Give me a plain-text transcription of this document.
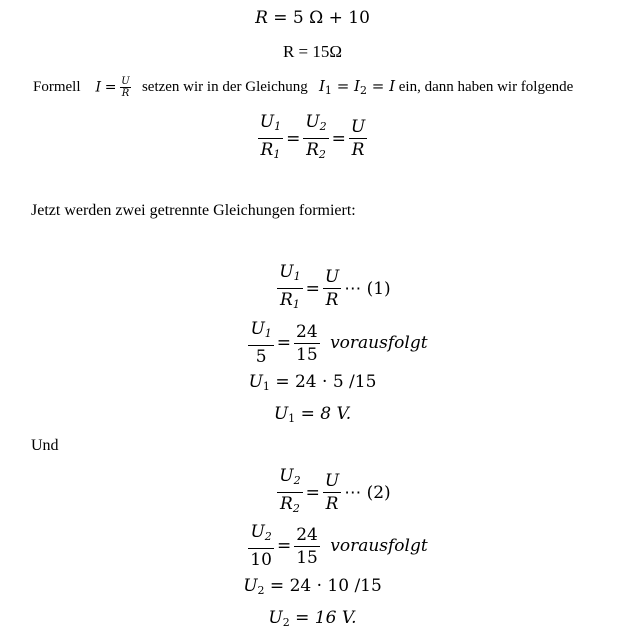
R = 5 Ω + 10
R = 15Ω
Formell $I = \frac{U}{R}$ setzen wir in der Gleichung $I_1 = I_2 = I$ ein, dann haben wir folgende
$\frac{U_1}{R_1} = \frac{U_2}{R_2} = \frac{U}{R}$
Jetzt werden zwei getrennte Gleichungen formiert:
$\frac{U_1}{R_1} = \frac{U}{R}$ ⋯ (1)
$\frac{U_1}{5} = \frac{24}{15}$ vorausfolgt
$U_1 = 24 \cdot 5$ /15
$U_1 = 8$ V.
Und
$\frac{U_2}{R_2} = \frac{U}{R}$ ⋯ (2)
$\frac{U_2}{10} = \frac{24}{15}$ vorausfolgt
$U_2 = 24 \cdot 10$ /15
$U_2 = 16$ V.
